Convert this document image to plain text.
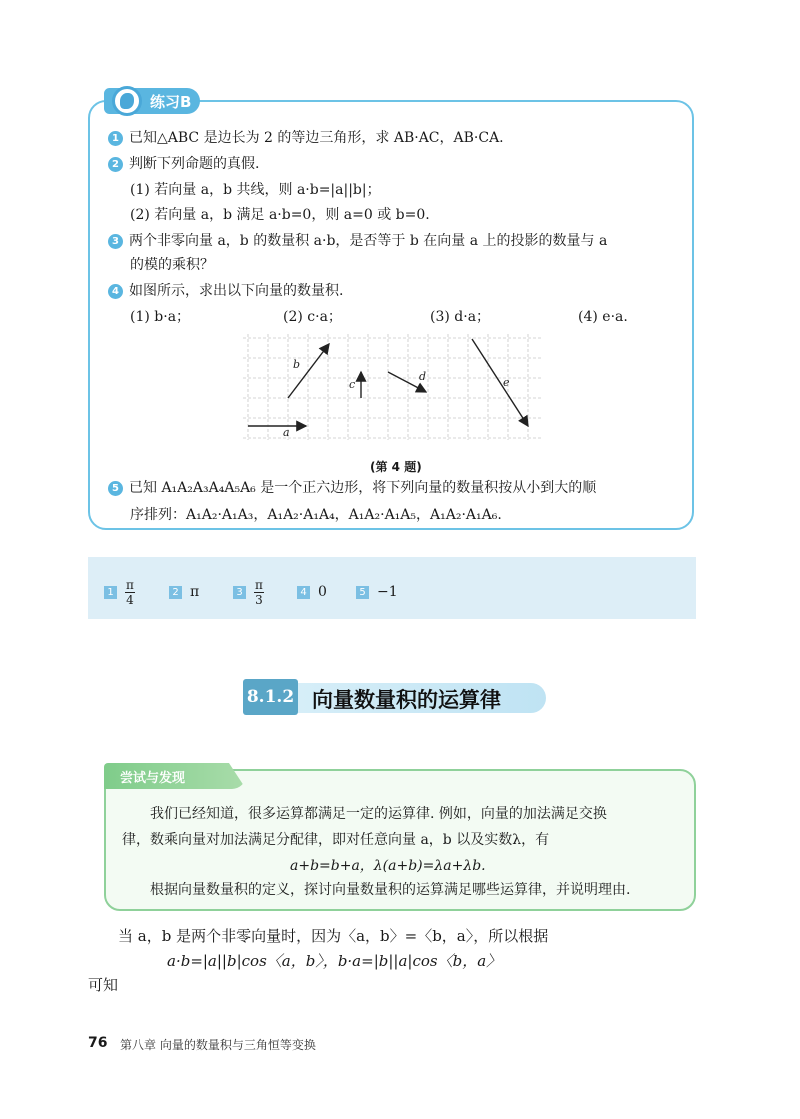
练习B
1 已知△ABC 是边长为 2 的等边三角形，求 AB·AC，AB·CA.
2 判断下列命题的真假.
(1) 若向量 a，b 共线，则 a·b=|a||b|；
(2) 若向量 a，b 满足 a·b=0，则 a=0 或 b=0.
3 两个非零向量 a，b 的数量积 a·b，是否等于 b 在向量 a 上的投影的数量与 a
的模的乘积？
4 如图所示，求出以下向量的数量积.
(1) b·a；	(2) c·a；	(3) d·a；	(4) e·a.
a
b
c
d	e
(第 4 题)
5 已知 A₁A₂A₃A₄A₅A₆ 是一个正六边形，将下列向量的数量积按从小到大的顺
序排列：A₁A₂·A₁A₃，A₁A₂·A₁A₄，A₁A₂·A₁A₅，A₁A₂·A₁A₆.
$1 \frac{\pi}{4}$	2 π	$3 \frac{\pi}{3}$	4 0	5 −1
8.1.2 向量数量积的运算律
尝试与发现
我们已经知道，很多运算都满足一定的运算律. 例如，向量的加法满足交换
律，数乘向量对加法满足分配律，即对任意向量 a，b 以及实数λ，有
a+b=b+a，λ(a+b)=λa+λb.
根据向量数量积的定义，探讨向量数量积的运算满足哪些运算律，并说明理由.
当 a，b 是两个非零向量时，因为〈a，b〉=〈b，a〉，所以根据
a·b=|a||b|cos〈a，b〉，b·a=|b||a|cos〈b，a〉
可知
76 第八章 向量的数量积与三角恒等变换
